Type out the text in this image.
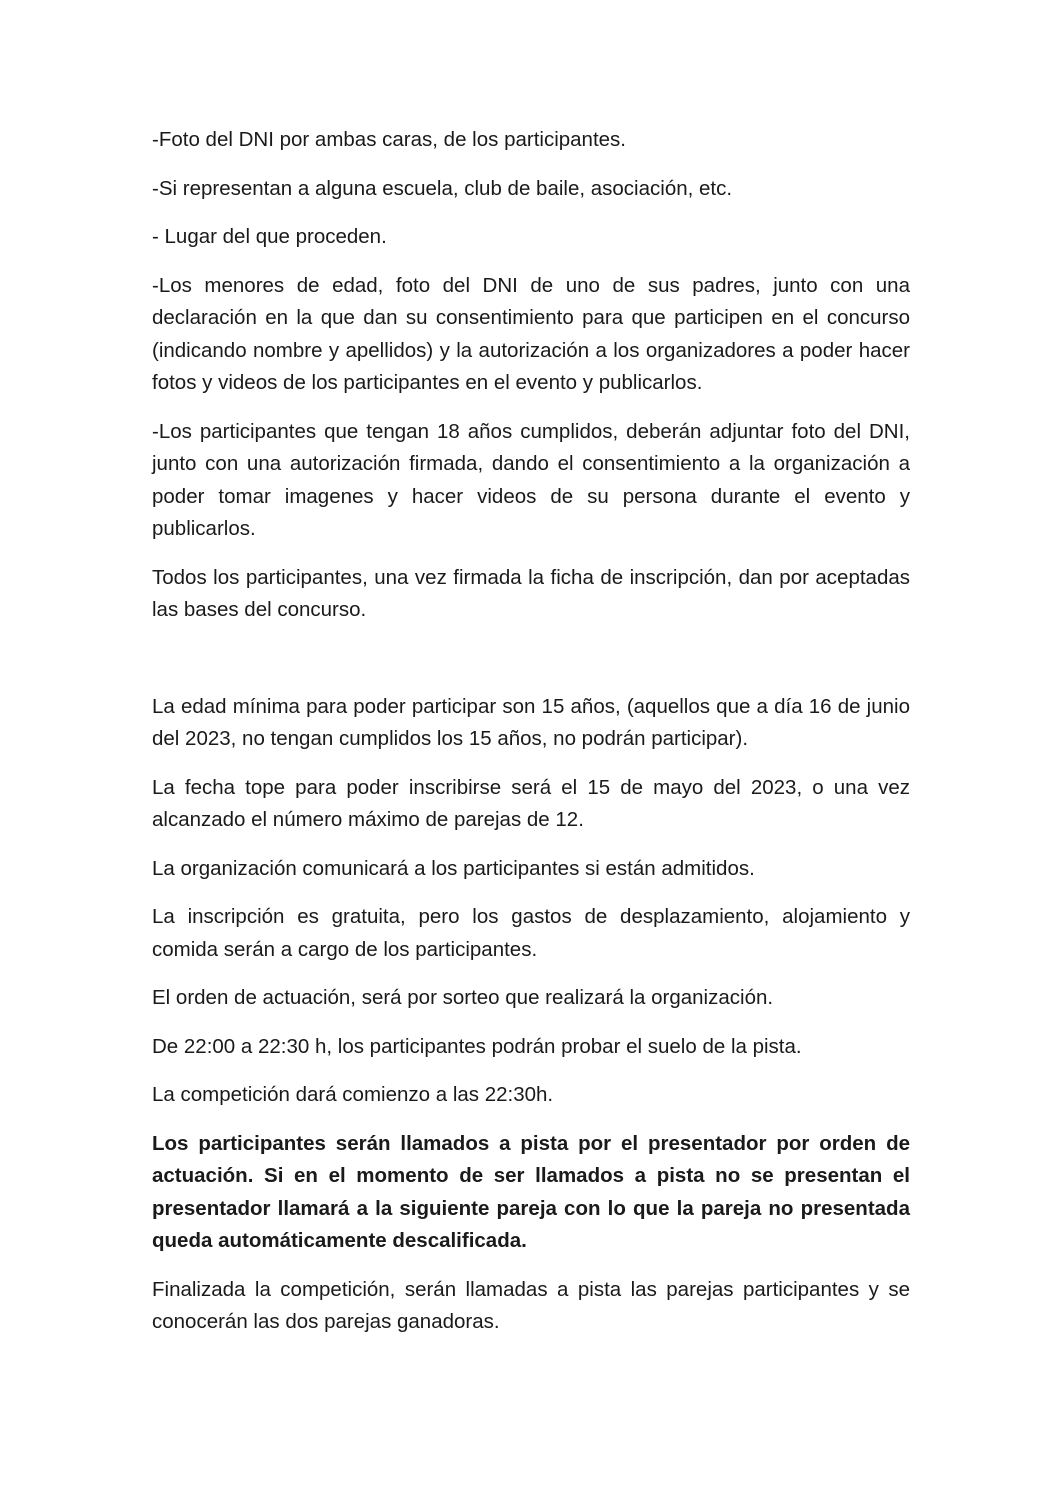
-Foto del DNI por ambas caras, de los participantes.

-Si representan a alguna escuela, club de baile, asociación, etc.

- Lugar del que proceden.

-Los menores de edad, foto del DNI de uno de sus padres, junto con una declaración en la que dan su consentimiento para que participen en el concurso (indicando nombre y apellidos) y la autorización a los organizadores a poder hacer fotos y videos de los participantes en el evento y publicarlos.

-Los participantes que tengan 18 años cumplidos, deberán adjuntar foto del DNI, junto con una autorización firmada, dando el consentimiento a la organización a poder tomar imagenes y hacer videos de su persona durante el evento y publicarlos.

Todos los participantes, una vez firmada la ficha de inscripción, dan por aceptadas las bases del concurso.

La edad mínima para poder participar son 15 años, (aquellos que a día 16 de junio del 2023, no tengan cumplidos los 15 años, no podrán participar).

La fecha tope para poder inscribirse será el 15 de mayo del 2023, o una vez alcanzado el número máximo de parejas de 12.

La organización comunicará a los participantes si están admitidos.

La inscripción es gratuita, pero los gastos de desplazamiento, alojamiento y comida serán a cargo de los participantes.

El orden de actuación, será por sorteo que realizará la organización.

De 22:00 a 22:30 h, los participantes podrán probar el suelo de la pista.

La competición dará comienzo a las 22:30h.

Los participantes serán llamados a pista por el presentador por orden de actuación. Si en el momento de ser llamados a pista no se presentan el presentador llamará a la siguiente pareja con lo que la pareja no presentada queda automáticamente descalificada.

Finalizada la competición, serán llamadas a pista las parejas participantes y se conocerán las dos parejas ganadoras.
